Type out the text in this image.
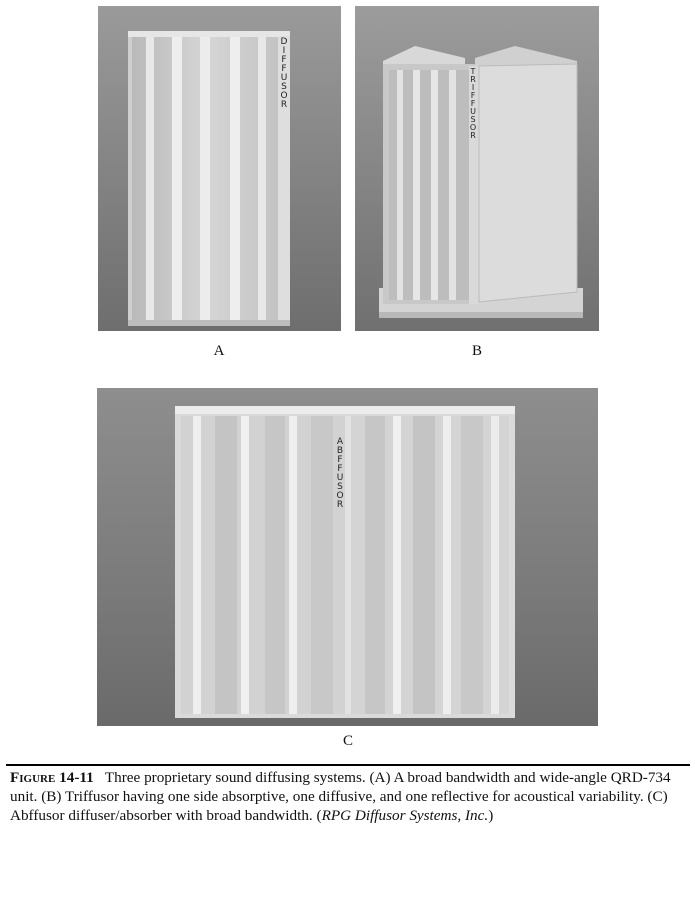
D I F F U S O R
A
T R I F F U S O R
B
A B F F U S O R
C
Figure 14-11 Three proprietary sound diffusing systems. (A) A broad bandwidth and wide-angle QRD-734 unit. (B) Triffusor having one side absorptive, one diffusive, and one reflective for acoustical variability. (C) Abffusor diffuser/absorber with broad bandwidth. (RPG Diffusor Systems, Inc.)
